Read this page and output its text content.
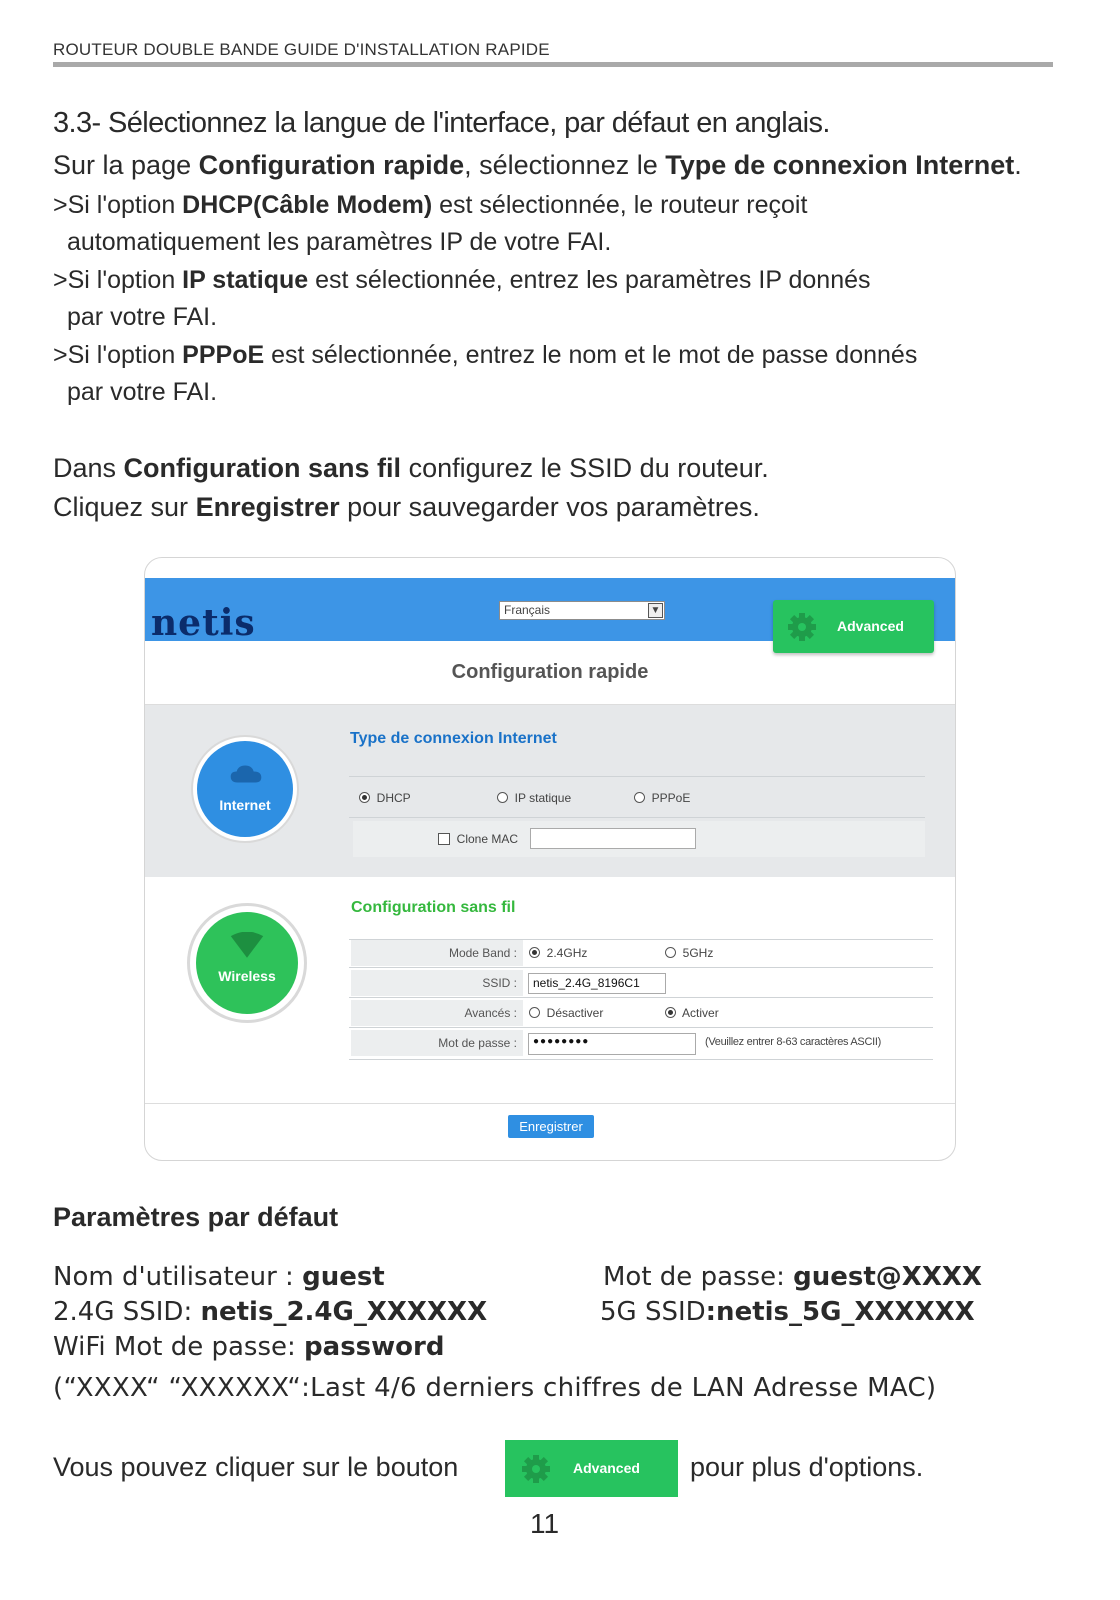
ROUTEUR DOUBLE BANDE GUIDE D'INSTALLATION RAPIDE
3.3- Sélectionnez la langue de l'interface, par défaut en anglais.
Sur la page Configuration rapide, sélectionnez le Type de connexion Internet.
>Si l'option DHCP(Câble Modem) est sélectionnée, le routeur reçoit
automatiquement les paramètres IP de votre FAI.
>Si l'option IP statique est sélectionnée, entrez les paramètres IP donnés
par votre FAI.
>Si l'option PPPoE est sélectionnée, entrez le nom et le mot de passe donnés
par votre FAI.
Dans Configuration sans fil configurez le SSID du routeur.
Cliquez sur Enregistrer pour sauvegarder vos paramètres.
netis	Français	▼
Advanced
Configuration rapide
Internet
Type de connexion Internet
DHCP	IP statique	PPPoE
Clone MAC
Wireless
Configuration sans fil
Mode Band :	2.4GHz	5GHz
SSID :	netis_2.4G_8196C1
Avancés :	Désactiver	Activer
Mot de passe :	●●●●●●●●	(Veuillez entrer 8-63 caractères ASCII)
Enregistrer
Paramètres par défaut
Nom d'utilisateur : guest	Mot de passe: guest@XXXX
2.4G SSID: netis_2.4G_XXXXXX	5G SSID:netis_5G_XXXXXX
WiFi Mot de passe: password
(“XXXX“ “XXXXXX“:Last 4/6 derniers chiffres de LAN Adresse MAC)
Vous pouvez cliquer sur le bouton	Advanced pour plus d'options.
11
